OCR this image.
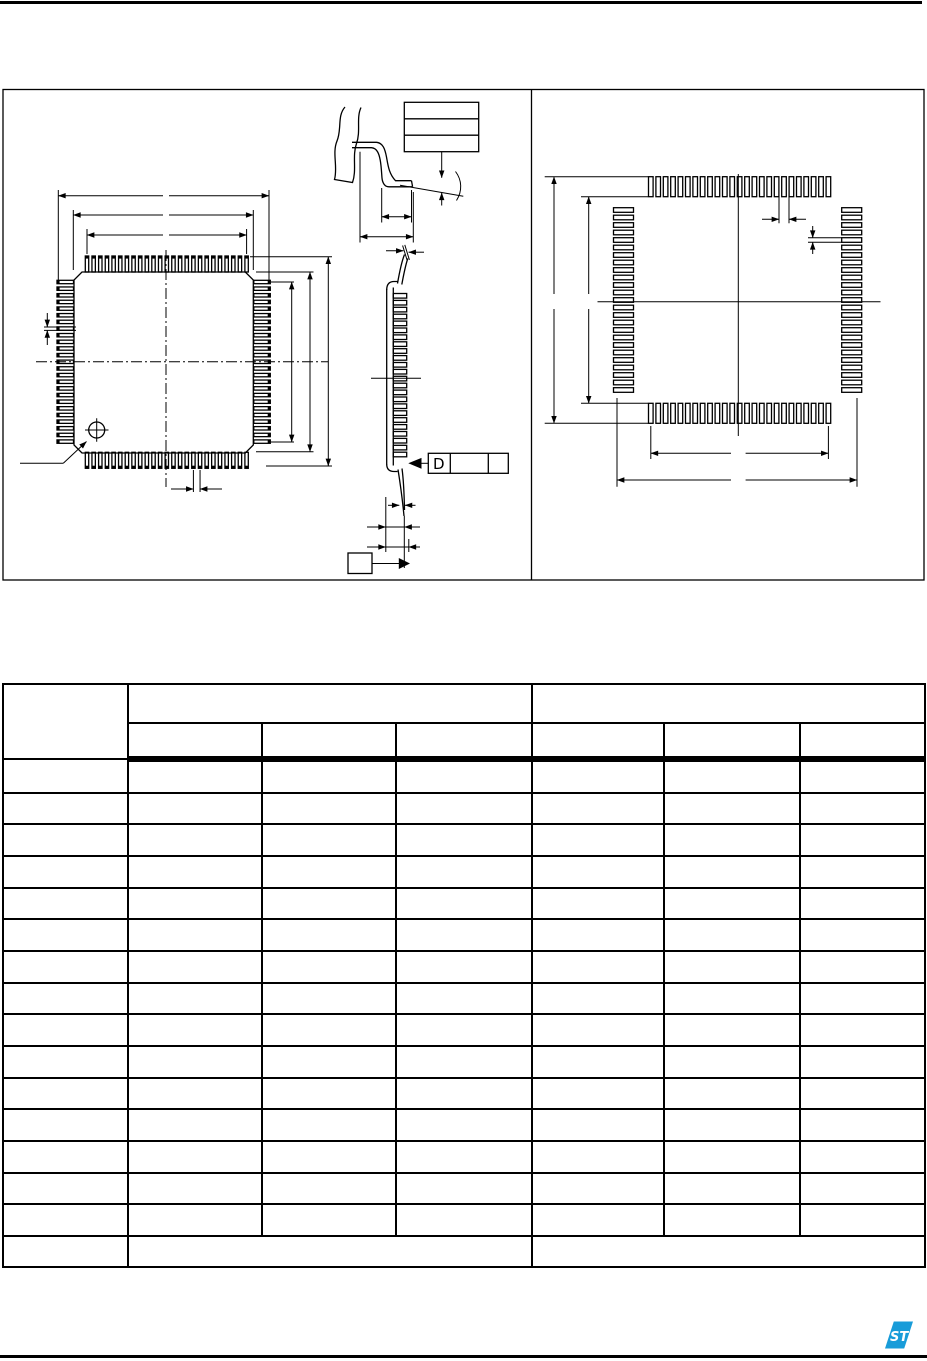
D
ST
